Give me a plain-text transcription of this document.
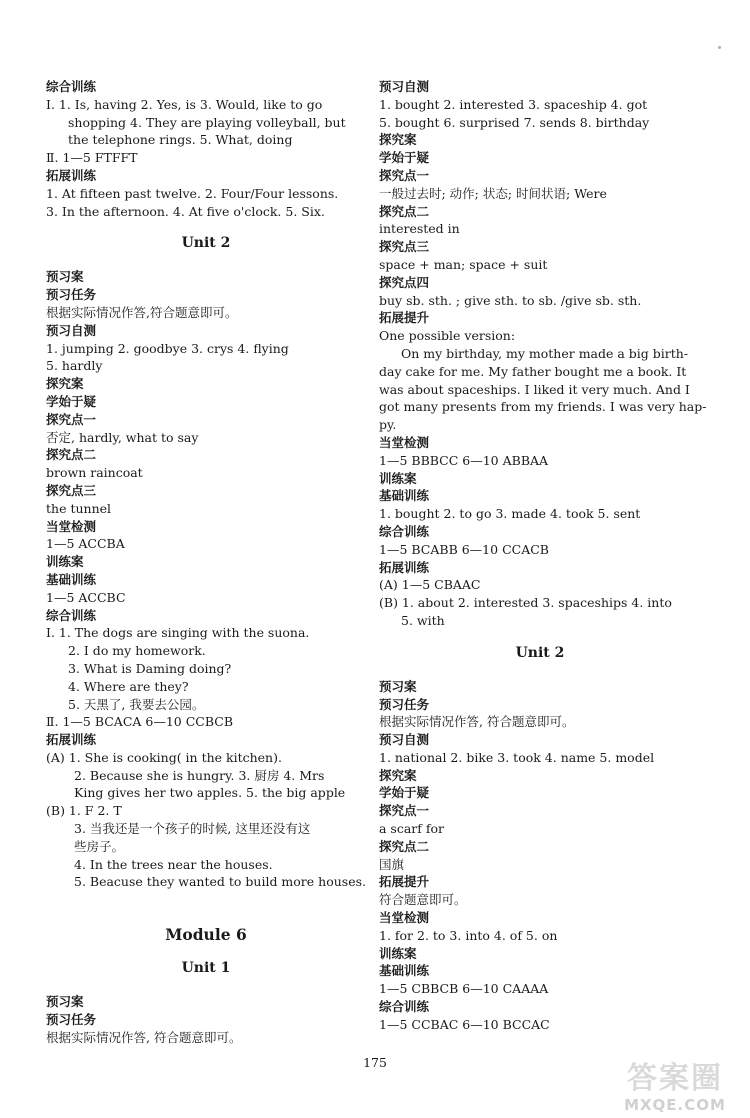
综合训练
Ⅰ. 1. Is, having 2. Yes, is 3. Would, like to go
shopping 4. They are playing volleyball, but
the telephone rings. 5. What, doing
Ⅱ. 1—5 FTFFT
拓展训练
1. At fifteen past twelve. 2. Four/Four lessons.
3. In the afternoon. 4. At five o'clock. 5. Six.
Unit 2
预习案
预习任务
根据实际情况作答,符合题意即可。
预习自测
1. jumping 2. goodbye 3. crys 4. flying
5. hardly
探究案
学始于疑
探究点一
否定, hardly, what to say
探究点二
brown raincoat
探究点三
the tunnel
当堂检测
1—5 ACCBA
训练案
基础训练
1—5 ACCBC
综合训练
Ⅰ. 1. The dogs are singing with the suona.
2. I do my homework.
3. What is Daming doing?
4. Where are they?
5. 天黑了, 我要去公园。
Ⅱ. 1—5 BCACA 6—10 CCBCB
拓展训练
(A) 1. She is cooking( in the kitchen).
2. Because she is hungry. 3. 厨房 4. Mrs
King gives her two apples. 5. the big apple
(B) 1. F 2. T
3. 当我还是一个孩子的时候, 这里还没有这
些房子。
4. In the trees near the houses.
5. Beacuse they wanted to build more houses.
Module 6
Unit 1
预习案
预习任务
根据实际情况作答, 符合题意即可。
预习自测
1. bought 2. interested 3. spaceship 4. got
5. bought 6. surprised 7. sends 8. birthday
探究案
学始于疑
探究点一
一般过去时; 动作; 状态; 时间状语; Were
探究点二
interested in
探究点三
space + man; space + suit
探究点四
buy sb. sth. ; give sth. to sb. /give sb. sth.
拓展提升
One possible version:
On my birthday, my mother made a big birth-
day cake for me. My father bought me a book. It
was about spaceships. I liked it very much. And I
got many presents from my friends. I was very hap-
py.
当堂检测
1—5 BBBCC 6—10 ABBAA
训练案
基础训练
1. bought 2. to go 3. made 4. took 5. sent
综合训练
1—5 BCABB 6—10 CCACB
拓展训练
(A) 1—5 CBAAC
(B) 1. about 2. interested 3. spaceships 4. into
5. with
Unit 2
预习案
预习任务
根据实际情况作答, 符合题意即可。
预习自测
1. national 2. bike 3. took 4. name 5. model
探究案
学始于疑
探究点一
a scarf for
探究点二
国旗
拓展提升
符合题意即可。
当堂检测
1. for 2. to 3. into 4. of 5. on
训练案
基础训练
1—5 CBBCB 6—10 CAAAA
综合训练
1—5 CCBAC 6—10 BCCAC
175	答案圈
MXQE.COM
